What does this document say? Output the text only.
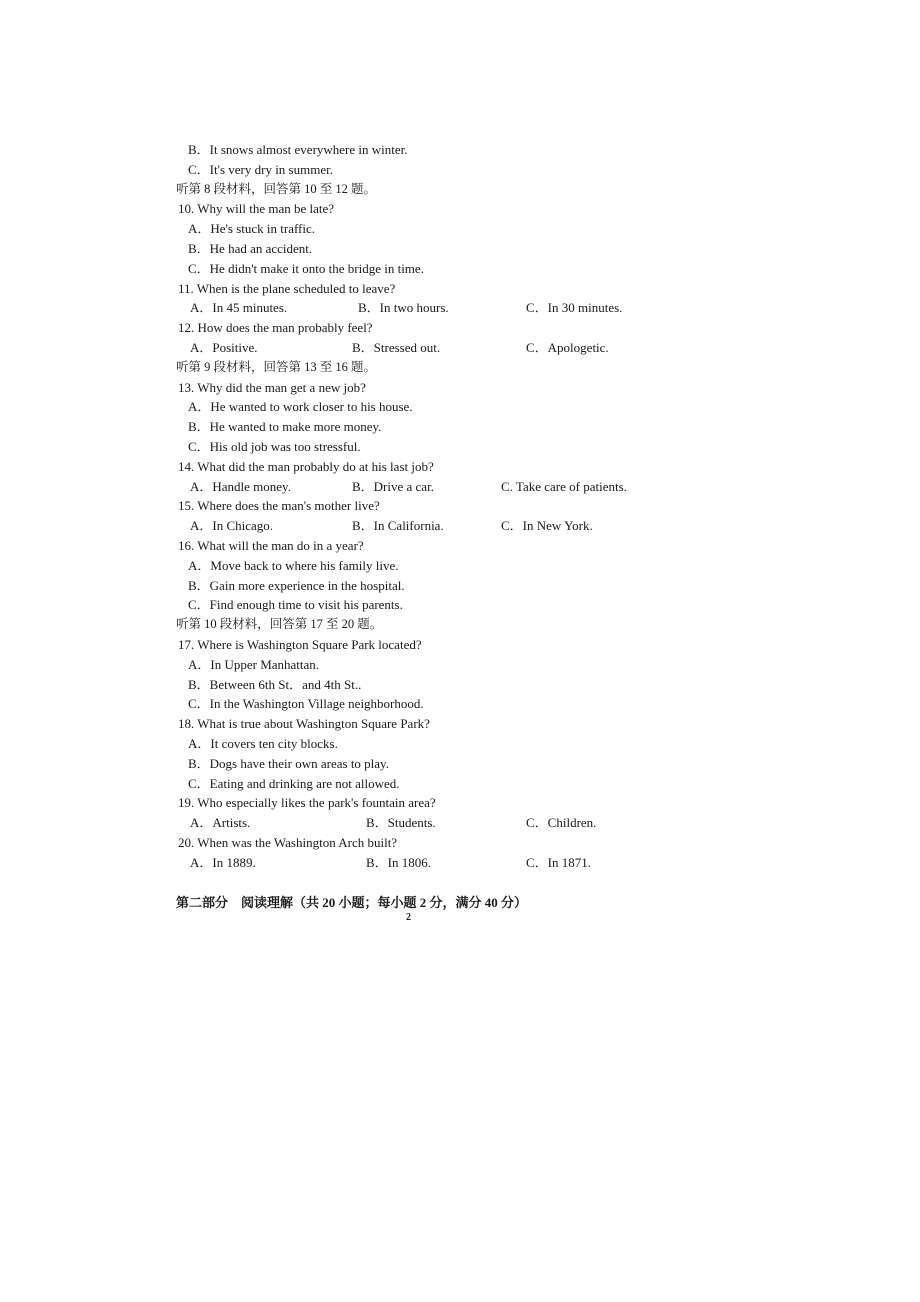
B．It snows almost everywhere in winter.
C．It's very dry in summer.
听第 8 段材料，回答第 10 至 12 题。
10. Why will the man be late?
A．He's stuck in traffic.
B．He had an accident.
C．He didn't make it onto the bridge in time.
11. When is the plane scheduled to leave?
A．In 45 minutes.	B．In two hours.	C．In 30 minutes.
12. How does the man probably feel?
A．Positive.	B．Stressed out.	C．Apologetic.
听第 9 段材料，回答第 13 至 16 题。
13. Why did the man get a new job?
A．He wanted to work closer to his house.
B．He wanted to make more money.
C．His old job was too stressful.
14. What did the man probably do at his last job?
A．Handle money.	B．Drive a car.	C. Take care of patients.
15. Where does the man's mother live?
A．In Chicago.	B．In California.	C．In New York.
16. What will the man do in a year?
A．Move back to where his family live.
B．Gain more experience in the hospital.
C．Find enough time to visit his parents.
听第 10 段材料，回答第 17 至 20 题。
17. Where is Washington Square Park located?
A．In Upper Manhattan.
B．Between 6th St．and 4th St..
C．In the Washington Village neighborhood.
18. What is true about Washington Square Park?
A．It covers ten city blocks.
B．Dogs have their own areas to play.
C．Eating and drinking are not allowed.
19. Who especially likes the park's fountain area?
A．Artists.	B．Students.	C．Children.
20. When was the Washington Arch built?
A．In 1889.	B．In 1806.	C．In 1871.
第二部分　阅读理解（共 20 小题；每小题 2 分，满分 40 分）
2
